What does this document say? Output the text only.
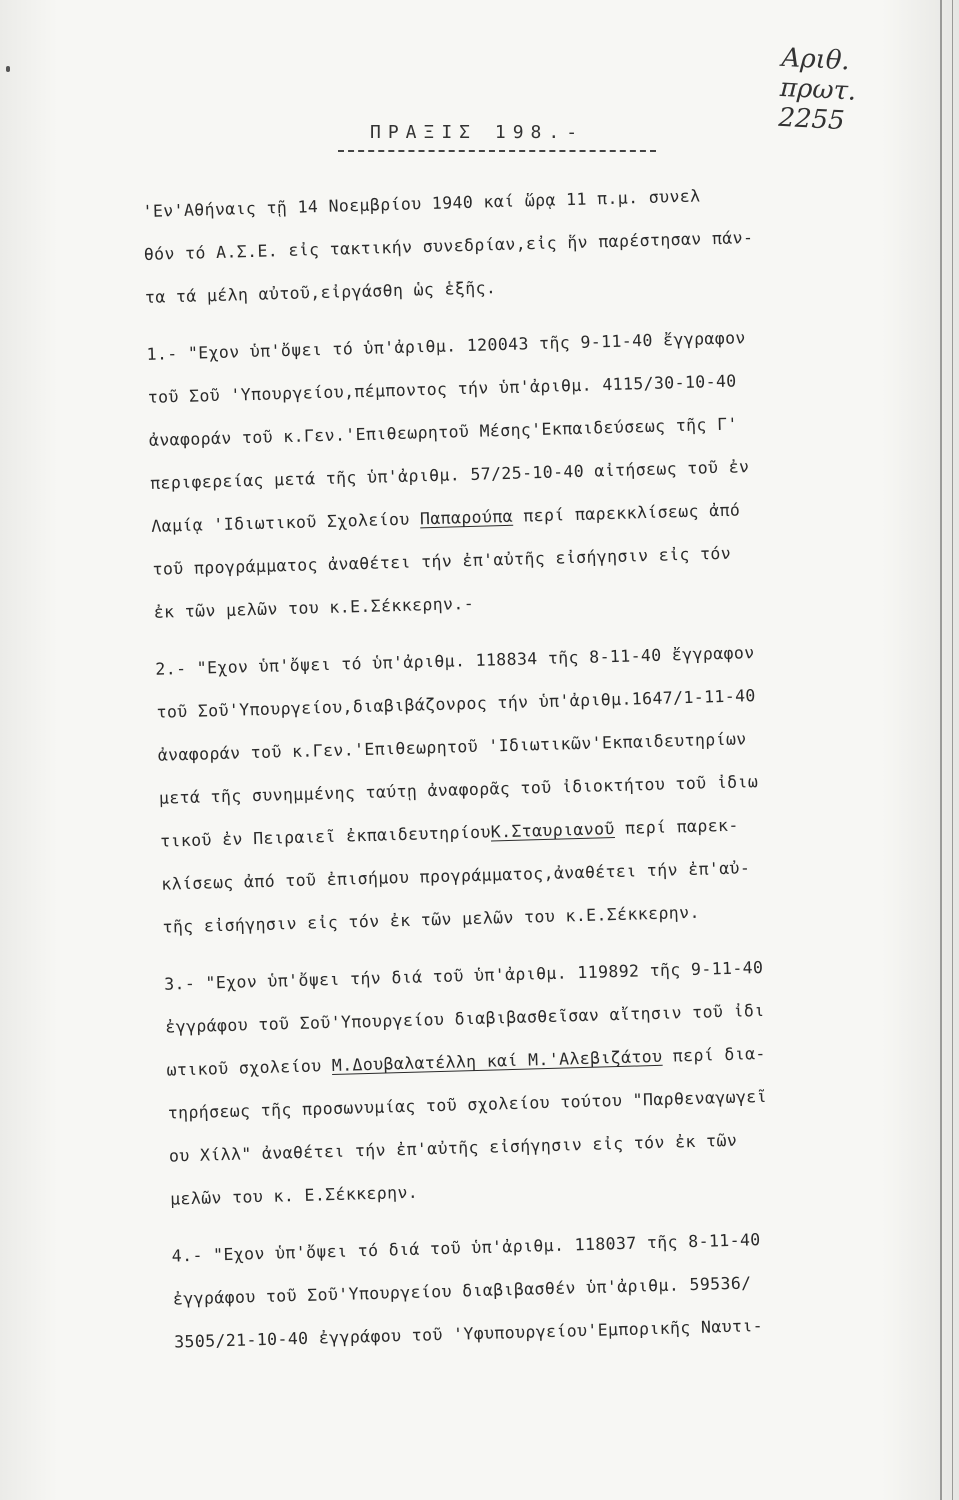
Αριθ. πρωτ. 2255
ΠΡΑΞΙΣ 198.-
'Εν'Αθήναις τῇ 14 Νοεμβρίου 1940 καί ὥρᾳ 11 π.μ. συνελ
θόν τό Α.Σ.Ε. εἰς τακτικήν συνεδρίαν,εἰς ἥν παρέστησαν πάν-
τα τά μέλη αὐτοῦ,εἰργάσθη ὡς ἑξῆς.
1.- "Εχον ὑπ'ὄψει τό ὑπ'ἀριθμ. 120043 τῆς 9-11-40 ἔγγραφον
τοῦ Σοῦ 'Υπουργείου,πέμποντος τήν ὑπ'ἀριθμ. 4115/30-10-40
ἀναφοράν τοῦ κ.Γεν.'Επιθεωρητοῦ Μέσης'Εκπαιδεύσεως τῆς Γ'
περιφερείας μετά τῆς ὑπ'ἀριθμ. 57/25-10-40 αἰτήσεως τοῦ ἐν
Λαμίᾳ 'Ιδιωτικοῦ Σχολείου Παπαρούπα περί παρεκκλίσεως ἀπό
τοῦ προγράμματος ἀναθέτει τήν ἐπ'αὐτῆς εἰσήγησιν εἰς τόν
ἐκ τῶν μελῶν του κ.Ε.Σέκκερην.-
2.- "Εχον ὑπ'ὄψει τό ὑπ'ἀριθμ. 118834 τῆς 8-11-40 ἔγγραφον
τοῦ Σοῦ'Υπουργείου,διαβιβάζονρος τήν ὑπ'ἀριθμ.1647/1-11-40
ἀναφοράν τοῦ κ.Γεν.'Επιθεωρητοῦ 'Ιδιωτικῶν'Εκπαιδευτηρίων
μετά τῆς συνημμένης ταύτῃ ἀναφορᾶς τοῦ ἰδιοκτήτου τοῦ ἰδιω
τικοῦ ἐν Πειραιεῖ ἐκπαιδευτηρίουΚ.Σταυριανοῦ περί παρεκ-
κλίσεως ἀπό τοῦ ἐπισήμου προγράμματος,ἀναθέτει τήν ἐπ'αὐ-
τῆς εἰσήγησιν εἰς τόν ἐκ τῶν μελῶν του κ.Ε.Σέκκερην.
3.- "Εχον ὑπ'ὄψει τήν διά τοῦ ὑπ'ἀριθμ. 119892 τῆς 9-11-40
ἐγγράφου τοῦ Σοῦ'Υπουργείου διαβιβασθεῖσαν αἴτησιν τοῦ ἰδι
ωτικοῦ σχολείου Μ.Δουβαλατέλλη καί Μ.'Αλεβιζάτου περί δια-
τηρήσεως τῆς προσωνυμίας τοῦ σχολείου τούτου "Παρθεναγωγεῖ
ου Χίλλ" ἀναθέτει τήν ἐπ'αὐτῆς εἰσήγησιν εἰς τόν ἐκ τῶν
μελῶν του κ. Ε.Σέκκερην.
4.- "Εχον ὑπ'ὄψει τό διά τοῦ ὑπ'ἀριθμ. 118037 τῆς 8-11-40
ἐγγράφου τοῦ Σοῦ'Υπουργείου διαβιβασθέν ὑπ'ἀριθμ. 59536/
3505/21-10-40 ἐγγράφου τοῦ 'Υφυπουργείου'Εμπορικῆς Ναυτι-
